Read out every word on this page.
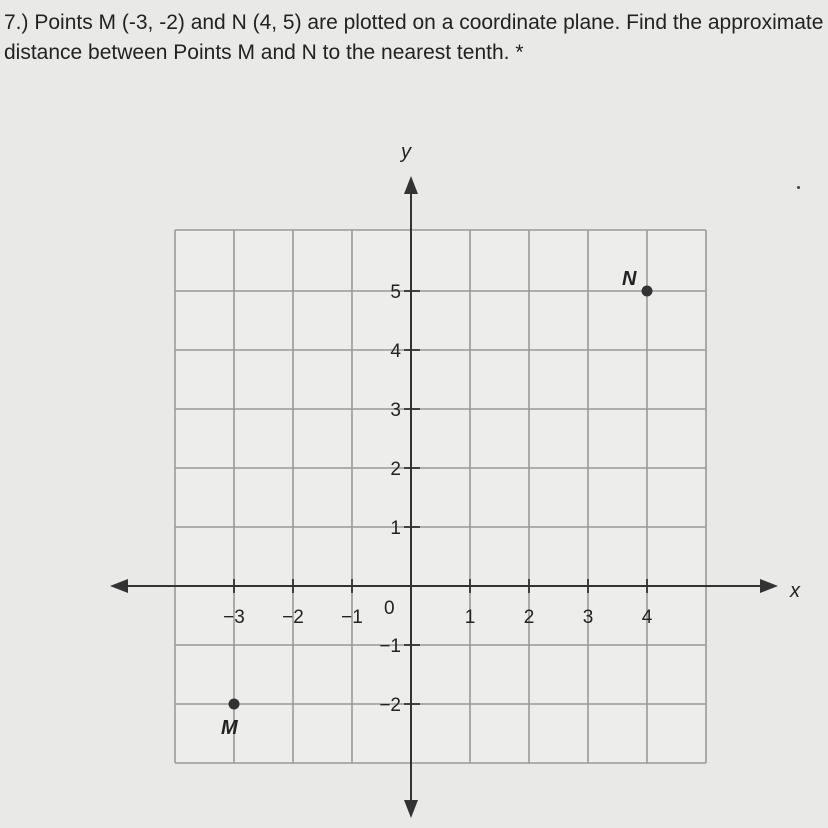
7.) Points M (-3, -2) and N (4, 5) are plotted on a coordinate plane. Find the approximate distance between Points M and N to the nearest tenth. *
x
y
0
−3 −2 −1	1	2	3	4
5
4
3
2
1
−1
−2
M
N
